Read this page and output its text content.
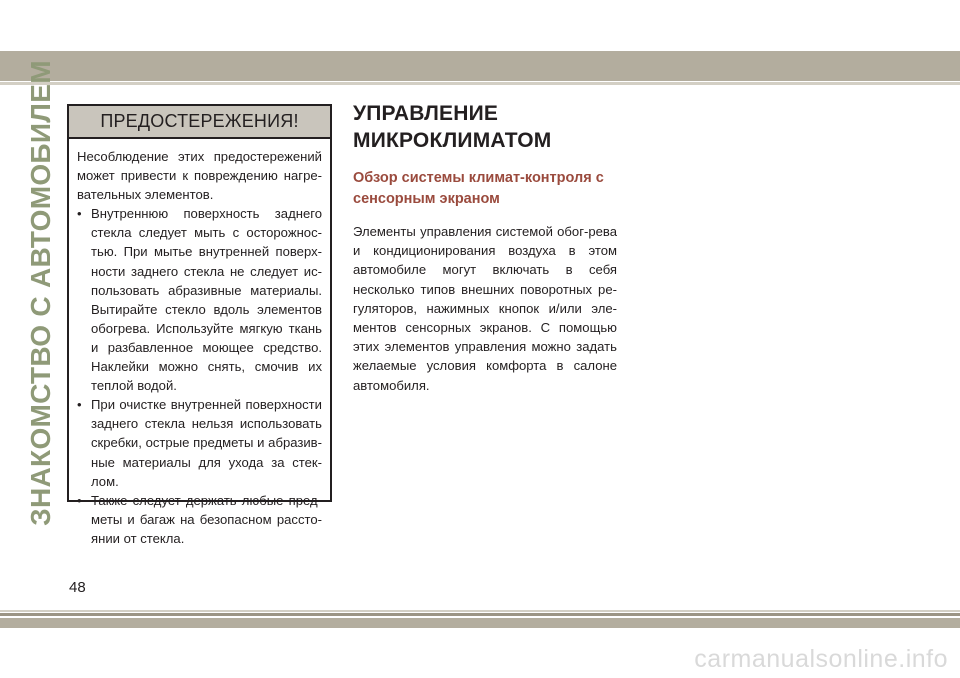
ЗНАКОМСТВО С АВТОМОБИЛЕМ	ПРЕДОСТЕРЕЖЕНИЯ!

Несоблюдение этих предостережений может привести к повреждению нагре-вательных элементов.

• Внутреннюю поверхность заднего стекла следует мыть с осторожнос-тью. При мытье внутренней поверх-ности заднего стекла не следует ис-пользовать абразивные материалы. Вытирайте стекло вдоль элементов обогрева. Используйте мягкую ткань и разбавленное моющее средство. Наклейки можно снять, смочив их теплой водой.
• При очистке внутренней поверхности заднего стекла нельзя использовать скребки, острые предметы и абразив-ные материалы для ухода за стек-лом.
• Также следует держать любые пред-меты и багаж на безопасном рассто-янии от стекла.
УПРАВЛЕНИЕ
МИКРОКЛИМАТОМ
Обзор системы климат-контроля с
сенсорным экраном

Элементы управления системой обог-рева и кондиционирования воздуха в этом автомобиле могут включать в себя несколько типов внешних поворотных ре-гуляторов, нажимных кнопок и/или эле-ментов сенсорных экранов. С помощью этих элементов управления можно задать желаемые условия комфорта в салоне автомобиля.

48
carmanualsonline.info
